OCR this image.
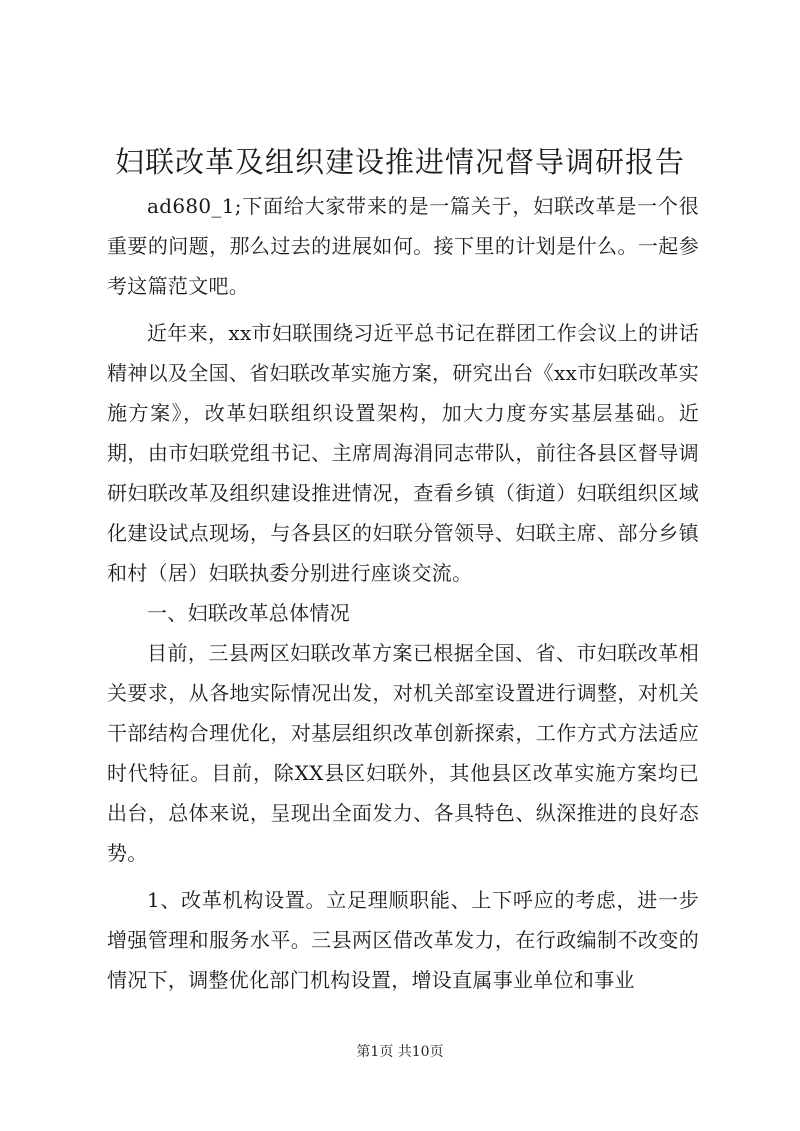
妇联改革及组织建设推进情况督导调研报告

ad680_1;下面给大家带来的是一篇关于，妇联改革是一个很重要的问题，那么过去的进展如何。接下里的计划是什么。一起参考这篇范文吧。

近年来，xx市妇联围绕习近平总书记在群团工作会议上的讲话精神以及全国、省妇联改革实施方案，研究出台《xx市妇联改革实施方案》，改革妇联组织设置架构，加大力度夯实基层基础。近期，由市妇联党组书记、主席周海涓同志带队，前往各县区督导调研妇联改革及组织建设推进情况，查看乡镇（街道）妇联组织区域化建设试点现场，与各县区的妇联分管领导、妇联主席、部分乡镇和村（居）妇联执委分别进行座谈交流。

一、妇联改革总体情况

目前，三县两区妇联改革方案已根据全国、省、市妇联改革相关要求，从各地实际情况出发，对机关部室设置进行调整，对机关干部结构合理优化，对基层组织改革创新探索，工作方式方法适应时代特征。目前，除XX县区妇联外，其他县区改革实施方案均已出台，总体来说，呈现出全面发力、各具特色、纵深推进的良好态势。

1、改革机构设置。立足理顺职能、上下呼应的考虑，进一步增强管理和服务水平。三县两区借改革发力，在行政编制不改变的情况下，调整优化部门机构设置，增设直属事业单位和事业

第1页 共10页
